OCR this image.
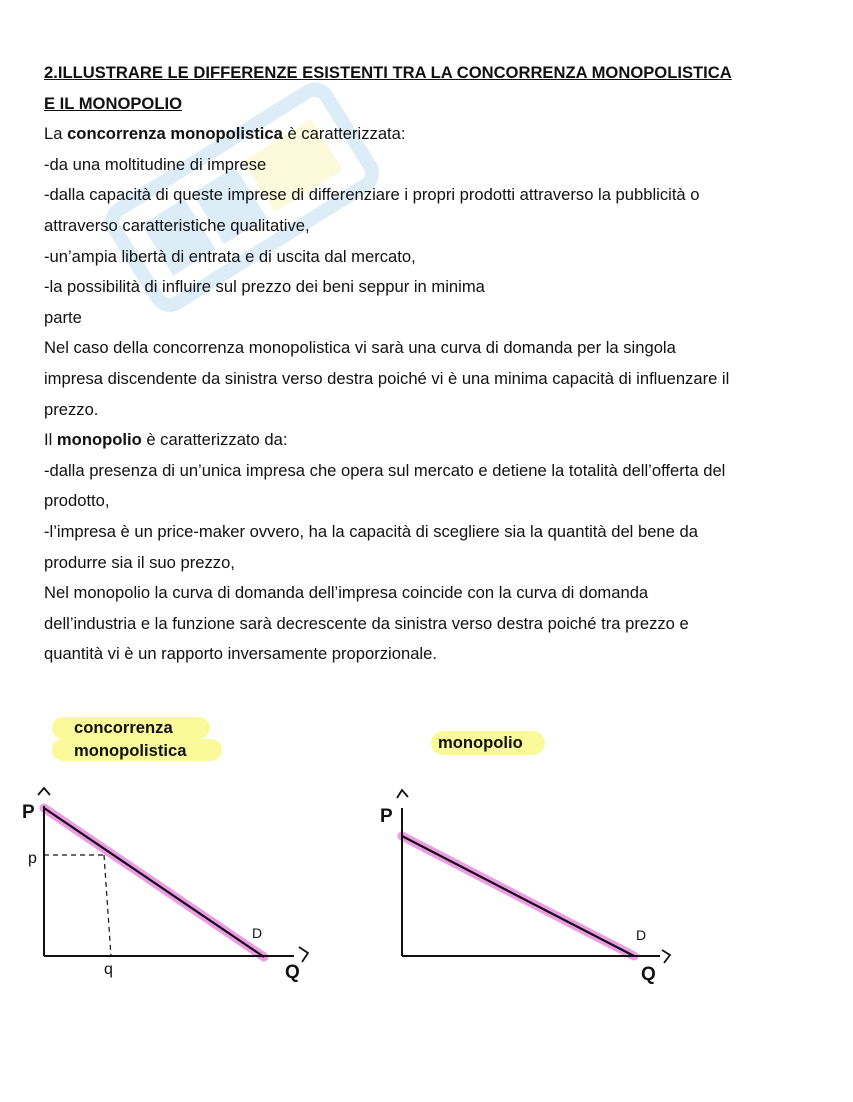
2.ILLUSTRARE LE DIFFERENZE ESISTENTI TRA LA CONCORRENZA MONOPOLISTICA
E IL MONOPOLIO
La concorrenza monopolistica è caratterizzata:
-da una moltitudine di imprese
-dalla capacità di queste imprese di differenziare i propri prodotti attraverso la pubblicità o
attraverso caratteristiche qualitative,
-un’ampia libertà di entrata e di uscita dal mercato,
-la possibilità di influire sul prezzo dei beni seppur in minima
parte
Nel caso della concorrenza monopolistica vi sarà una curva di domanda per la singola
impresa discendente da sinistra verso destra poiché vi è una minima capacità di influenzare il
prezzo.
Il monopolio è caratterizzato da:
-dalla presenza di un’unica impresa che opera sul mercato e detiene la totalità dell’offerta del
prodotto,
-l’impresa è un price-maker ovvero, ha la capacità di scegliere sia la quantità del bene da
produrre sia il suo prezzo,
Nel monopolio la curva di domanda dell’impresa coincide con la curva di domanda
dell’industria e la funzione sarà decrescente da sinistra verso destra poiché tra prezzo e
quantità vi è un rapporto inversamente proporzionale.
concorrenza
monopolistica	monopolio
P
Q
D
p
q
P
Q
D
